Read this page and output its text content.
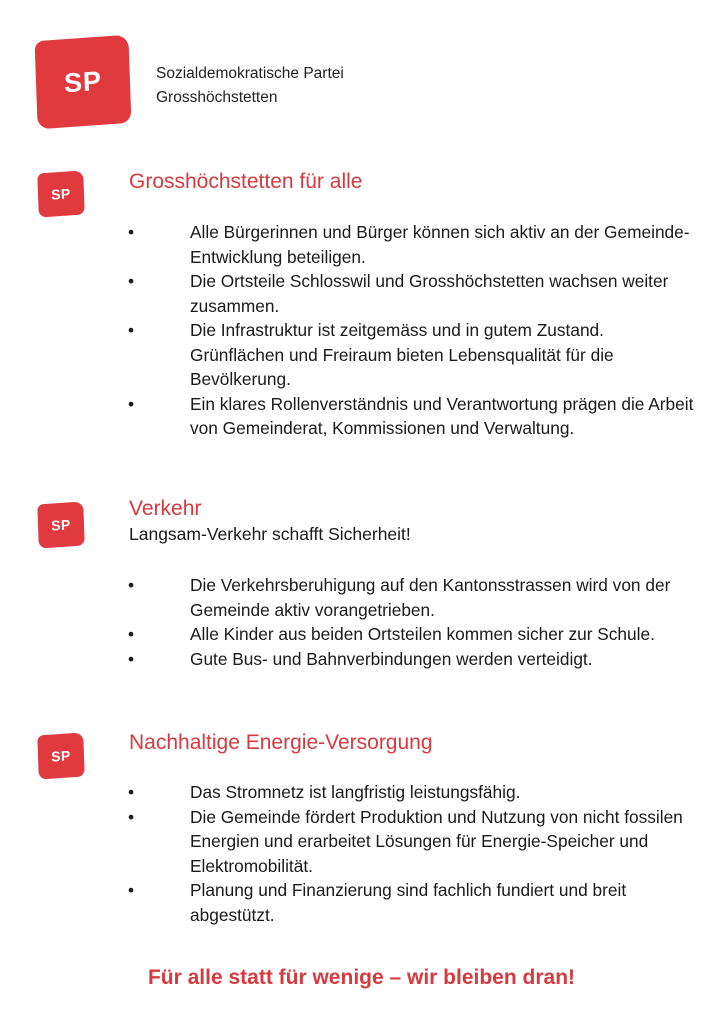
SP	Sozialdemokratische Partei
Grosshöchstetten
SP
Grosshöchstetten für alle
• Alle Bürgerinnen und Bürger können sich aktiv an der Gemeinde-Entwicklung beteiligen.
• Die Ortsteile Schlosswil und Grosshöchstetten wachsen weiter zusammen.
• Die Infrastruktur ist zeitgemäss und in gutem Zustand. Grünflächen und Freiraum bieten Lebensqualität für die Bevölkerung.
• Ein klares Rollenverständnis und Verantwortung prägen die Arbeit von Gemeinderat, Kommissionen und Verwaltung.
SP
Verkehr
Langsam-Verkehr schafft Sicherheit!
• Die Verkehrsberuhigung auf den Kantonsstrassen wird von der Gemeinde aktiv vorangetrieben.
• Alle Kinder aus beiden Ortsteilen kommen sicher zur Schule.
• Gute Bus- und Bahnverbindungen werden verteidigt.
SP
Nachhaltige Energie-Versorgung
• Das Stromnetz ist langfristig leistungsfähig.
• Die Gemeinde fördert Produktion und Nutzung von nicht fossilen Energien und erarbeitet Lösungen für Energie-Speicher und Elektromobilität.
• Planung und Finanzierung sind fachlich fundiert und breit abgestützt.
Für alle statt für wenige – wir bleiben dran!
